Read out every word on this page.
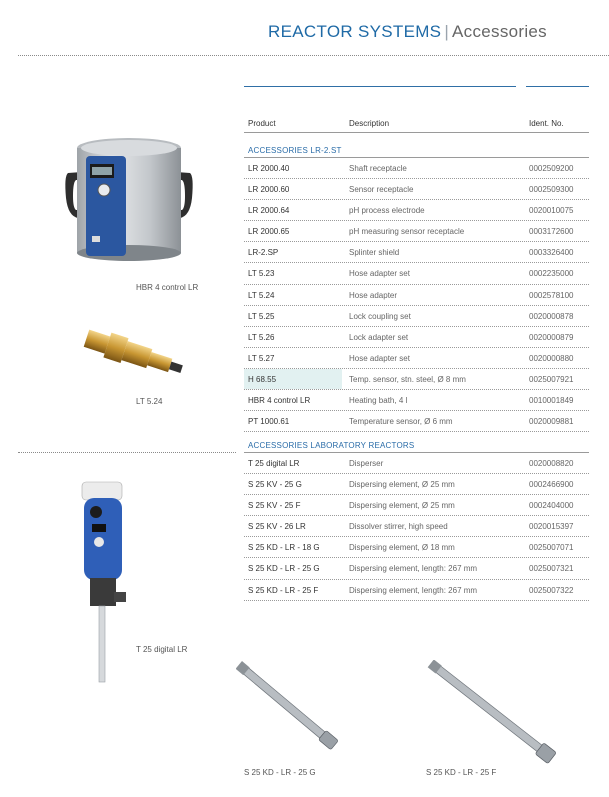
REACTOR SYSTEMS | Accessories
Product	Description	Ident. No.
ACCESSORIES LR-2.ST
LR 2000.40	Shaft receptacle	0002509200
LR 2000.60	Sensor receptacle	0002509300
LR 2000.64	pH process electrode	0020010075
LR 2000.65	pH measuring sensor receptacle	0003172600
LR-2.SP	Splinter shield	0003326400
LT 5.23	Hose adapter set	0002235000
LT 5.24	Hose adapter	0002578100
LT 5.25	Lock coupling set	0020000878
LT 5.26	Lock adapter set	0020000879
LT 5.27	Hose adapter set	0020000880
H 68.55	Temp. sensor, stn. steel, Ø 8 mm	0025007921
HBR 4 control LR	Heating bath, 4 l	0010001849
PT 1000.61	Temperature sensor, Ø 6 mm	0020009881
ACCESSORIES LABORATORY REACTORS
T 25 digital LR	Disperser	0020008820
S 25 KV - 25 G	Dispersing element, Ø 25 mm	0002466900
S 25 KV - 25 F	Dispersing element, Ø 25 mm	0002404000
S 25 KV - 26 LR	Dissolver stirrer, high speed	0020015397
S 25 KD - LR - 18 G	Dispersing element, Ø 18 mm	0025007071
S 25 KD - LR - 25 G	Dispersing element, length: 267 mm	0025007321
S 25 KD - LR - 25 F	Dispersing element, length: 267 mm	0025007322
HBR 4 control LR
LT 5.24
T 25 digital LR
S 25 KD - LR - 25 G	S 25 KD - LR - 25 F
